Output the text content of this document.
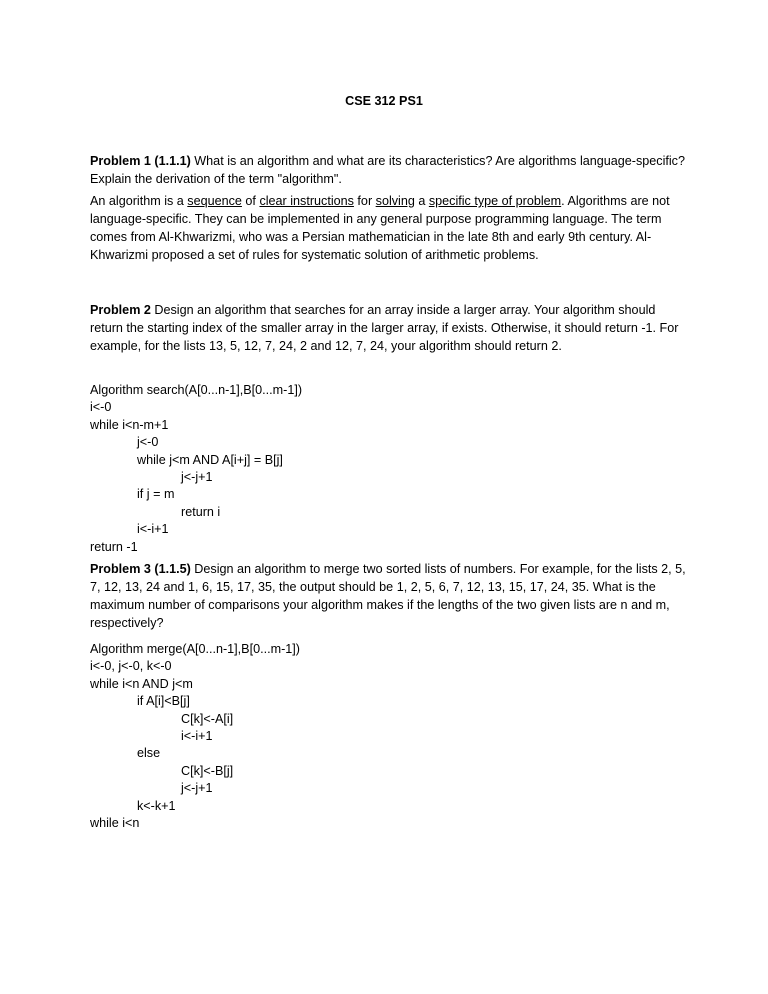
CSE 312 PS1
Problem 1 (1.1.1) What is an algorithm and what are its characteristics? Are algorithms language-specific? Explain the derivation of the term "algorithm".
An algorithm is a sequence of clear instructions for solving a specific type of problem. Algorithms are not language-specific. They can be implemented in any general purpose programming language. The term comes from Al-Khwarizmi, who was a Persian mathematician in the late 8th and early 9th century. Al-Khwarizmi proposed a set of rules for systematic solution of arithmetic problems.
Problem 2 Design an algorithm that searches for an array inside a larger array. Your algorithm should return the starting index of the smaller array in the larger array, if exists. Otherwise, it should return -1. For example, for the lists 13, 5, 12, 7, 24, 2 and 12, 7, 24, your algorithm should return 2.
Algorithm search(A[0...n-1],B[0...m-1])
i<-0
while i<n-m+1
j<-0
while j<m AND A[i+j] = B[j]
j<-j+1
if j = m
return i
i<-i+1
return -1
Problem 3 (1.1.5) Design an algorithm to merge two sorted lists of numbers. For example, for the lists 2, 5, 7, 12, 13, 24 and 1, 6, 15, 17, 35, the output should be 1, 2, 5, 6, 7, 12, 13, 15, 17, 24, 35. What is the maximum number of comparisons your algorithm makes if the lengths of the two given lists are n and m, respectively?
Algorithm merge(A[0...n-1],B[0...m-1])
i<-0, j<-0, k<-0
while i<n AND j<m
if A[i]<B[j]
C[k]<-A[i]
i<-i+1
else
C[k]<-B[j]
j<-j+1
k<-k+1
while i<n
